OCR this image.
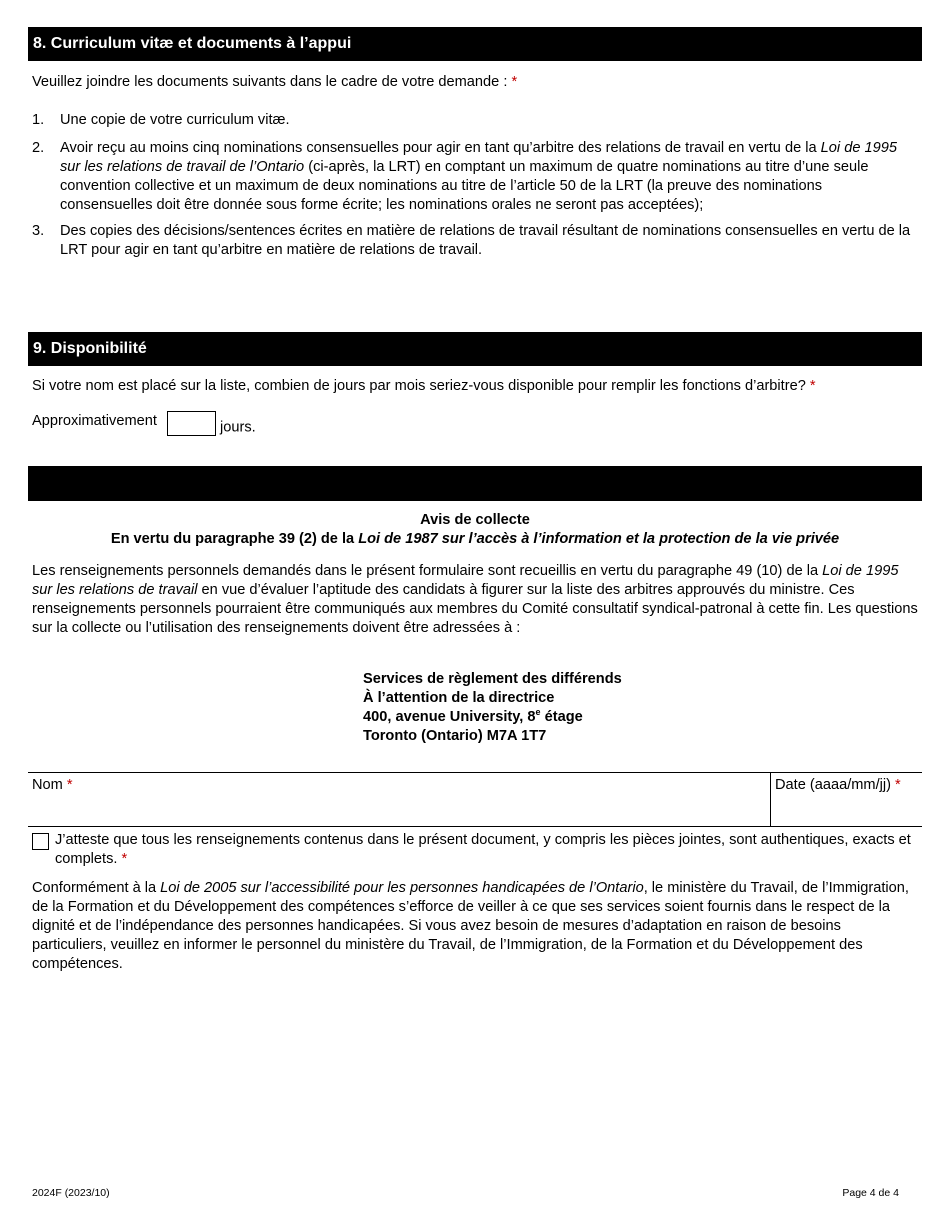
8. Curriculum vitæ et documents à l’appui

Veuillez joindre les documents suivants dans le cadre de votre demande : *

1. Une copie de votre curriculum vitæ.
2. Avoir reçu au moins cinq nominations consensuelles pour agir en tant qu’arbitre des relations de travail en vertu de la Loi de 1995 sur les relations de travail de l’Ontario (ci-après, la LRT) en comptant un maximum de quatre nominations au titre d’une seule convention collective et un maximum de deux nominations au titre de l’article 50 de la LRT (la preuve des nominations consensuelles doit être donnée sous forme écrite; les nominations orales ne seront pas acceptées);
3. Des copies des décisions/sentences écrites en matière de relations de travail résultant de nominations consensuelles en vertu de la LRT pour agir en tant qu’arbitre en matière de relations de travail.
9. Disponibilité

Si votre nom est placé sur la liste, combien de jours par mois seriez-vous disponible pour remplir les fonctions d’arbitre? *

Approximativement	jours.
Avis de collecte
En vertu du paragraphe 39 (2) de la Loi de 1987 sur l’accès à l’information et la protection de la vie privée

Les renseignements personnels demandés dans le présent formulaire sont recueillis en vertu du paragraphe 49 (10) de la Loi de 1995 sur les relations de travail en vue d’évaluer l’aptitude des candidats à figurer sur la liste des arbitres approuvés du ministre. Ces renseignements personnels pourraient être communiqués aux membres du Comité consultatif syndical-patronal à cette fin. Les questions sur la collecte ou l’utilisation des renseignements doivent être adressées à :

Services de règlement des différends
À l’attention de la directrice
400, avenue University, 8e étage
Toronto (Ontario) M7A 1T7
Nom *	Date (aaaa/mm/jj) *

J’atteste que tous les renseignements contenus dans le présent document, y compris les pièces jointes, sont authentiques, exacts et complets. *

Conformément à la Loi de 2005 sur l’accessibilité pour les personnes handicapées de l’Ontario, le ministère du Travail, de l’Immigration, de la Formation et du Développement des compétences s’efforce de veiller à ce que ses services soient fournis dans le respect de la dignité et de l’indépendance des personnes handicapées. Si vous avez besoin de mesures d’adaptation en raison de besoins particuliers, veuillez en informer le personnel du ministère du Travail, de l’Immigration, de la Formation et du Développement des compétences.

2024F (2023/10)	Page 4 de 4
